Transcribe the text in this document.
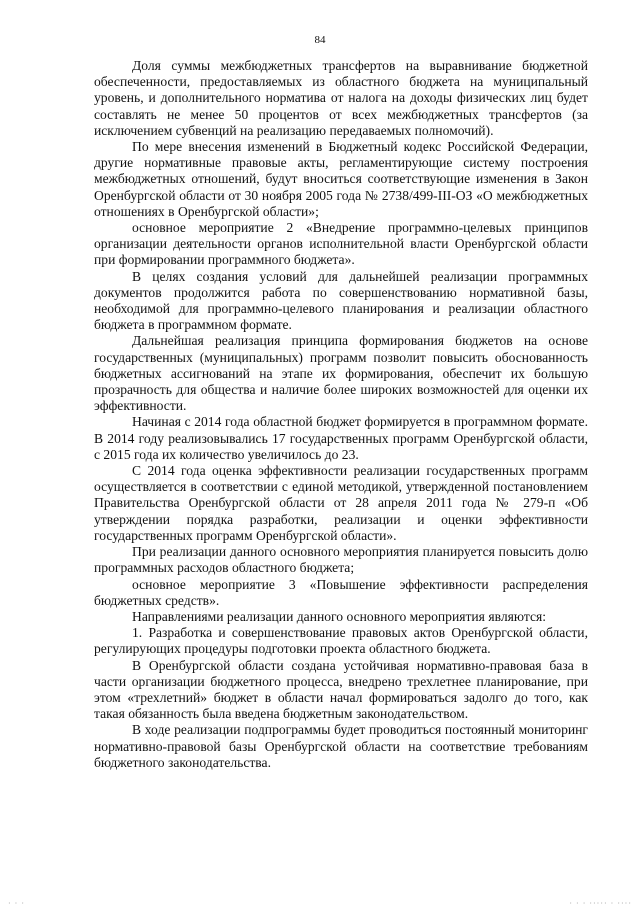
84

Доля суммы межбюджетных трансфертов на выравнивание бюджетной обеспеченности, предоставляемых из областного бюджета на муниципальный уровень, и дополнительного норматива от налога на доходы физических лиц будет составлять не менее 50 процентов от всех межбюджетных трансфертов (за исключением субвенций на реализацию передаваемых полномочий).

По мере внесения изменений в Бюджетный кодекс Российской Федерации, другие нормативные правовые акты, регламентирующие систему построения межбюджетных отношений, будут вноситься соответствующие изменения в Закон Оренбургской области от 30 ноября 2005 года № 2738/499-III-ОЗ «О межбюджетных отношениях в Оренбургской области»;

основное мероприятие 2 «Внедрение программно-целевых принципов организации деятельности органов исполнительной власти Оренбургской области при формировании программного бюджета».

В целях создания условий для дальнейшей реализации программных документов продолжится работа по совершенствованию нормативной базы, необходимой для программно-целевого планирования и реализации областного бюджета в программном формате.

Дальнейшая реализация принципа формирования бюджетов на основе государственных (муниципальных) программ позволит повысить обоснованность бюджетных ассигнований на этапе их формирования, обеспечит их большую прозрачность для общества и наличие более широких возможностей для оценки их эффективности.

Начиная с 2014 года областной бюджет формируется в программном формате. В 2014 году реализовывались 17 государственных программ Оренбургской области, с 2015 года их количество увеличилось до 23.

С 2014 года оценка эффективности реализации государственных программ осуществляется в соответствии с единой методикой, утвержденной постановлением Правительства Оренбургской области от 28 апреля 2011 года № 279-п «Об утверждении порядка разработки, реализации и оценки эффективности государственных программ Оренбургской области».

При реализации данного основного мероприятия планируется повысить долю программных расходов областного бюджета;

основное мероприятие 3 «Повышение эффективности распределения бюджетных средств».

Направлениями реализации данного основного мероприятия являются:

1. Разработка и совершенствование правовых актов Оренбургской области, регулирующих процедуры подготовки проекта областного бюджета.

В Оренбургской области создана устойчивая нормативно-правовая база в части организации бюджетного процесса, внедрено трехлетнее планирование, при этом «трехлетний» бюджет в области начал формироваться задолго до того, как такая обязанность была введена бюджетным законодательством.

В ходе реализации подпрограммы будет проводиться постоянный мониторинг нормативно-правовой базы Оренбургской области на соответствие требованиям бюджетного законодательства.

· · ·	· · · ····· · ····
